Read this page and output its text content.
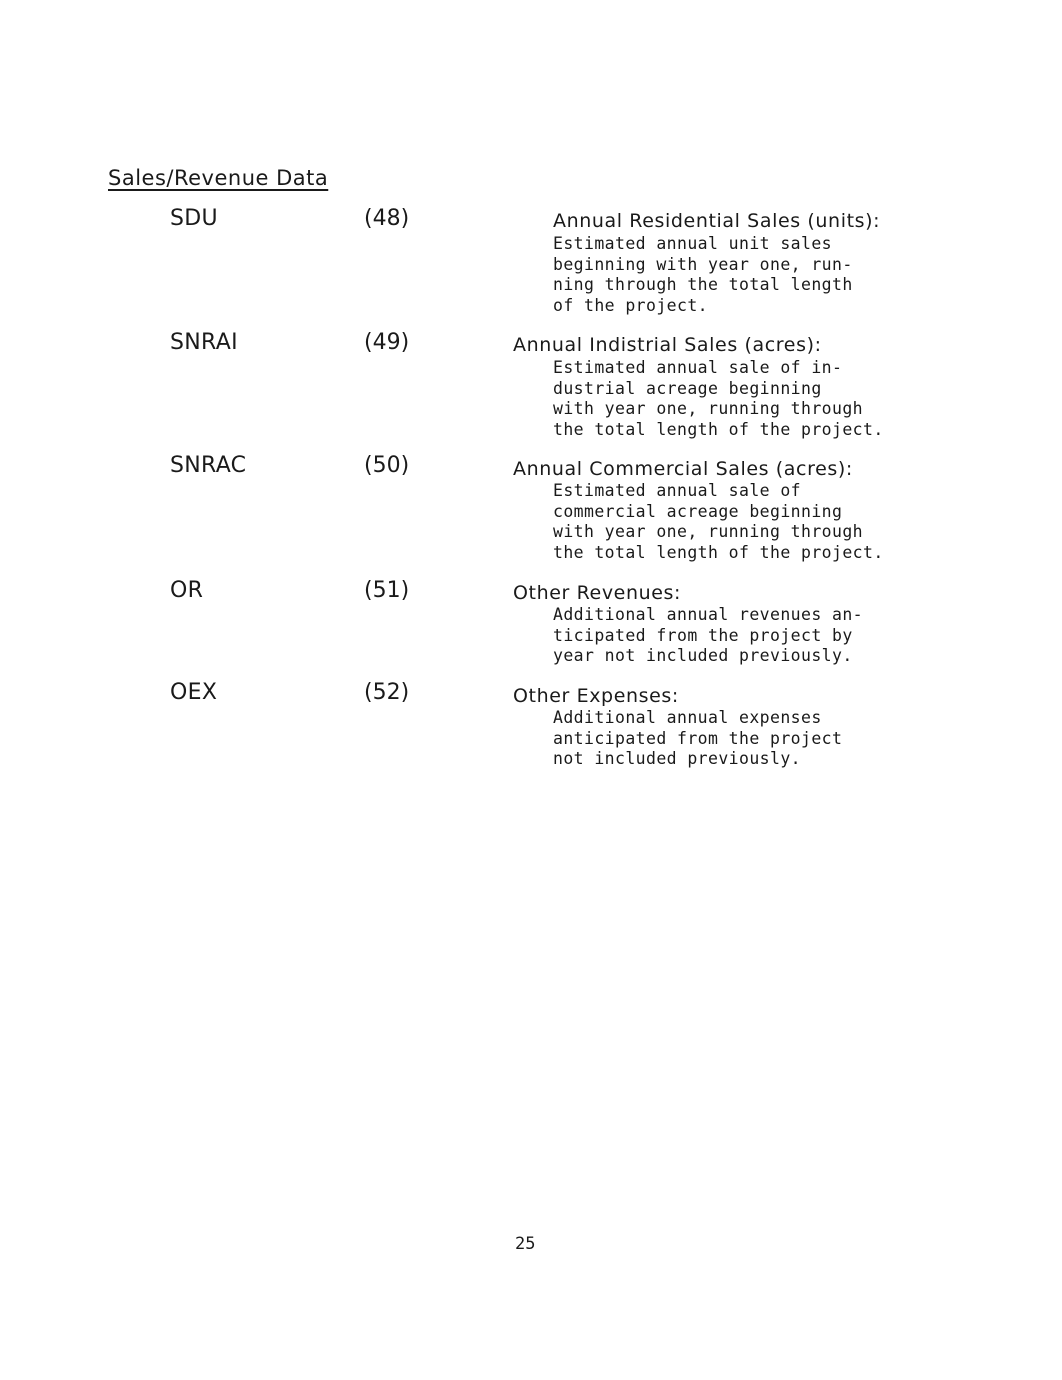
Sales/Revenue Data
SDU	(48)	Annual Residential Sales (units):
Estimated annual unit sales
beginning with year one, run-
ning through the total length
of the project.
SNRAI	(49)	Annual Indistrial Sales (acres):
Estimated annual sale of in-
dustrial acreage beginning
with year one, running through
the total length of the project.
SNRAC	(50)	Annual Commercial Sales (acres):
Estimated annual sale of
commercial acreage beginning
with year one, running through
the total length of the project.
OR	(51)	Other Revenues:
Additional annual revenues an-
ticipated from the project by
year not included previously.
OEX	(52)	Other Expenses:
Additional annual expenses
anticipated from the project
not included previously.
25
